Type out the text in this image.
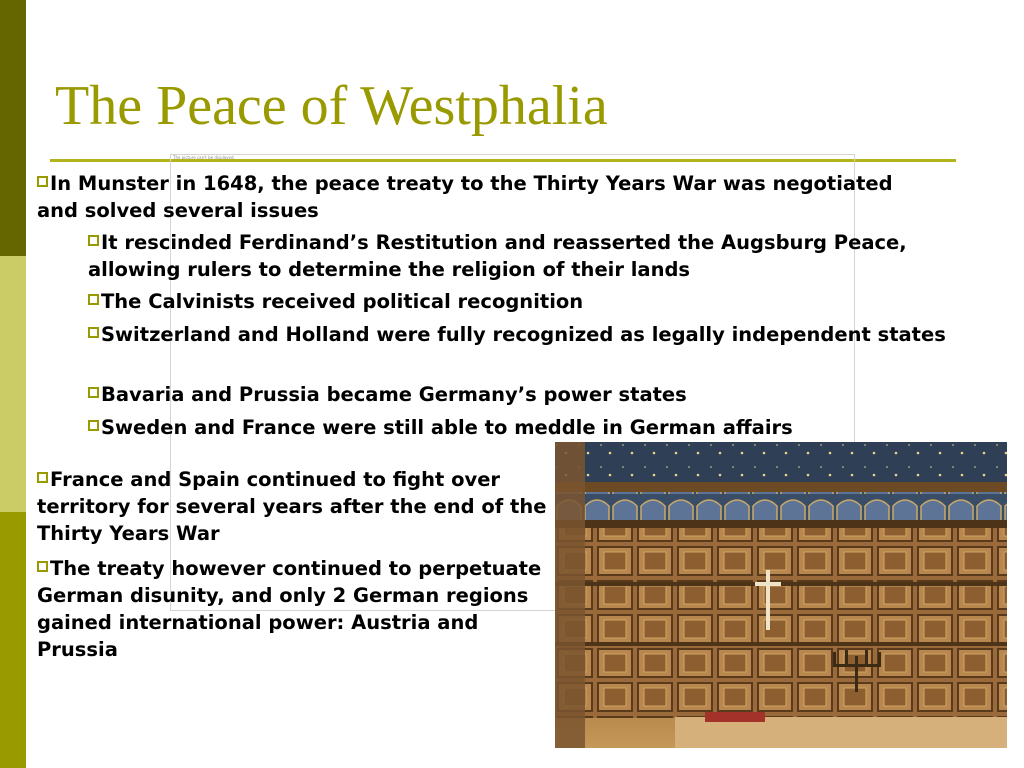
The Peace of Westphalia
The picture can't be displayed.

In Munster in 1648, the peace treaty to the Thirty Years War was negotiated and solved several issues

It rescinded Ferdinand’s Restitution and reasserted the Augsburg Peace, allowing rulers to determine the religion of their lands

The Calvinists received political recognition

Switzerland and Holland were fully recognized as legally independent states

Bavaria and Prussia became Germany’s power states

Sweden and France were still able to meddle in German affairs

France and Spain continued to fight over territory for several years after the end of the Thirty Years War

The treaty however continued to perpetuate German disunity, and only 2 German regions gained international power: Austria and Prussia
